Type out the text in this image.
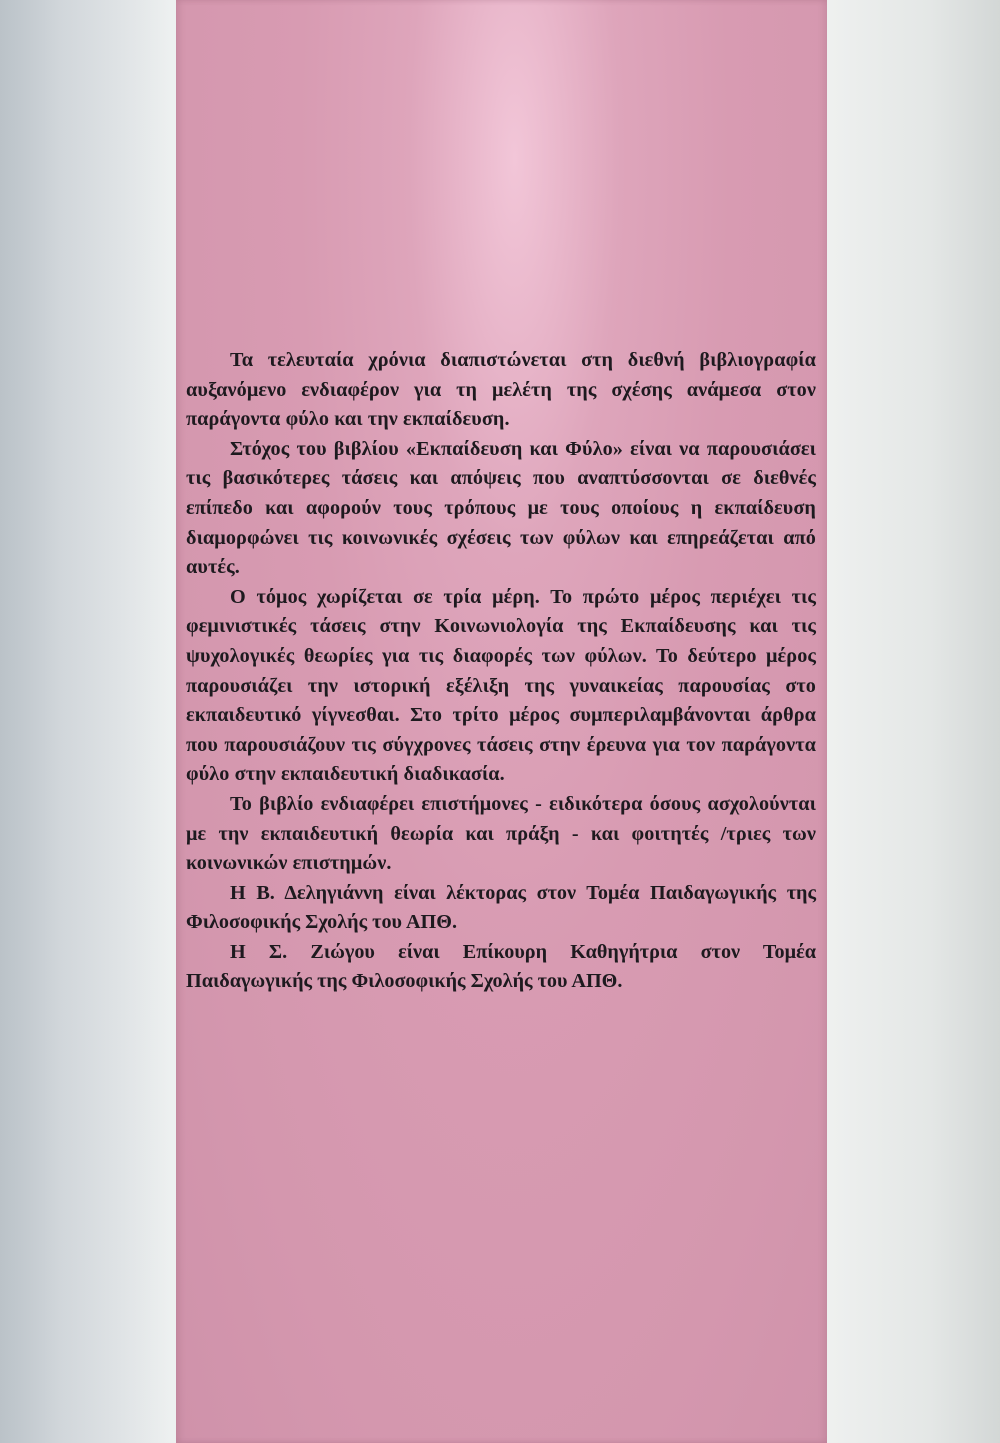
Τα τελευταία χρόνια διαπιστώνεται στη διεθνή βιβλιογραφία αυξανόμενο ενδιαφέρον για τη μελέτη της σχέσης ανάμεσα στον παράγοντα φύλο και την εκπαίδευση.

Στόχος του βιβλίου «Εκπαίδευση και Φύλο» είναι να παρουσιάσει τις βασικότερες τάσεις και απόψεις που αναπτύσσονται σε διεθνές επίπεδο και αφορούν τους τρόπους με τους οποίους η εκπαίδευση διαμορφώνει τις κοινωνικές σχέσεις των φύλων και επηρεάζεται από αυτές.

Ο τόμος χωρίζεται σε τρία μέρη. Το πρώτο μέρος περιέχει τις φεμινιστικές τάσεις στην Κοινωνιολογία της Εκπαίδευσης και τις ψυχολογικές θεωρίες για τις διαφορές των φύλων. Το δεύτερο μέρος παρουσιάζει την ιστορική εξέλιξη της γυναικείας παρουσίας στο εκπαιδευτικό γίγνεσθαι. Στο τρίτο μέρος συμπεριλαμβάνονται άρθρα που παρουσιάζουν τις σύγχρονες τάσεις στην έρευνα για τον παράγοντα φύλο στην εκπαιδευτική διαδικασία.

Το βιβλίο ενδιαφέρει επιστήμονες - ειδικότερα όσους ασχολούνται με την εκπαιδευτική θεωρία και πράξη - και φοιτητές /τριες των κοινωνικών επιστημών.

Η Β. Δεληγιάννη είναι λέκτορας στον Τομέα Παιδαγωγικής της Φιλοσοφικής Σχολής του ΑΠΘ.

Η Σ. Ζιώγου είναι Επίκουρη Καθηγήτρια στον Τομέα Παιδαγωγικής της Φιλοσοφικής Σχολής του ΑΠΘ.
